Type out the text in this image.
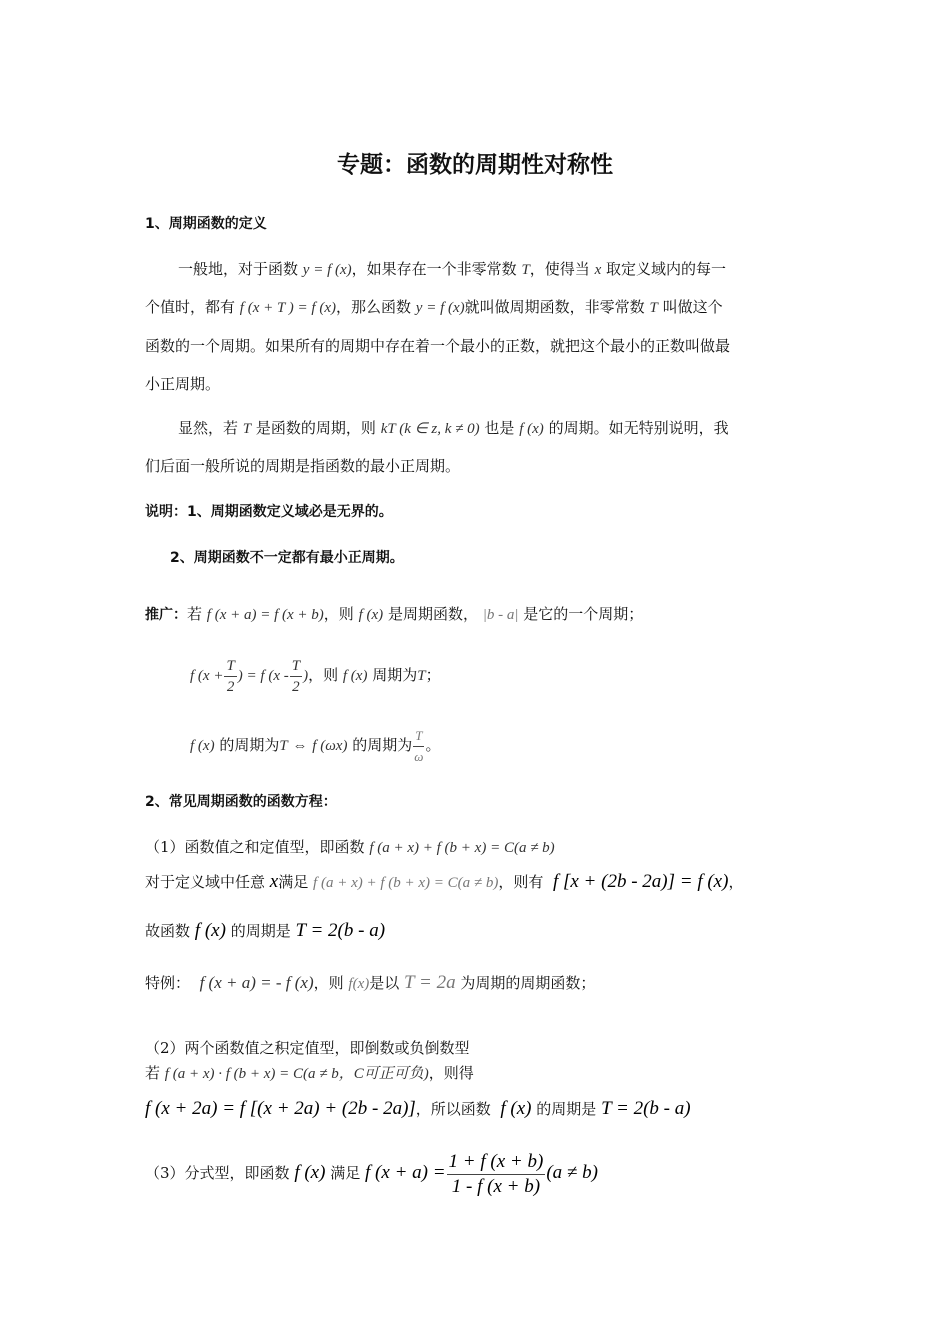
专题：函数的周期性对称性
1、周期函数的定义
一般地，对于函数 y = f (x)，如果存在一个非零常数 T，使得当 x 取定义域内的每一
个值时，都有 f (x + T ) = f (x)，那么函数 y = f (x)就叫做周期函数，非零常数 T 叫做这个
函数的一个周期。如果所有的周期中存在着一个最小的正数，就把这个最小的正数叫做最
小正周期。
显然，若 T 是函数的周期，则 kT (k ∈ z, k ≠ 0) 也是 f (x) 的周期。如无特别说明，我
们后面一般所说的周期是指函数的最小正周期。
说明：1、周期函数定义域必是无界的。
2、周期函数不一定都有最小正周期。
推广：若 f (x + a) = f (x + b)，则 f (x) 是周期函数， |b - a| 是它的一个周期；
f ($x + \frac{T}{2}$ ) = f ($x - \frac{T}{2}$ )，则 f (x) 周期为T；
f (x) 的周期为T ⇔ f (ωx) 的周期为 $\frac{T}{\omega}$ 。
2、常见周期函数的函数方程：
（1）函数值之和定值型，即函数 f (a + x) + f (b + x) = C(a ≠ b)
对于定义域中任意 x满足 f (a + x) + f (b + x) = C(a ≠ b)，则有 f [x + (2b - 2a)] = f (x)，
故函数 f (x) 的周期是 T = 2(b - a)
特例： f (x + a) = - f (x)，则 f(x)是以 T = 2a 为周期的周期函数；
（2）两个函数值之积定值型，即倒数或负倒数型
若 f (a + x) · f (b + x) = C(a ≠ b，C可正可负)，则得
f (x + 2a) = f [(x + 2a) + (2b - 2a)]，所以函数 f (x) 的周期是 T = 2(b - a)
（3）分式型，即函数 f (x) 满足 f $(x + a) = \frac{1 + f (x + b)}{1 - f (x + b)} (a \ne b)$
